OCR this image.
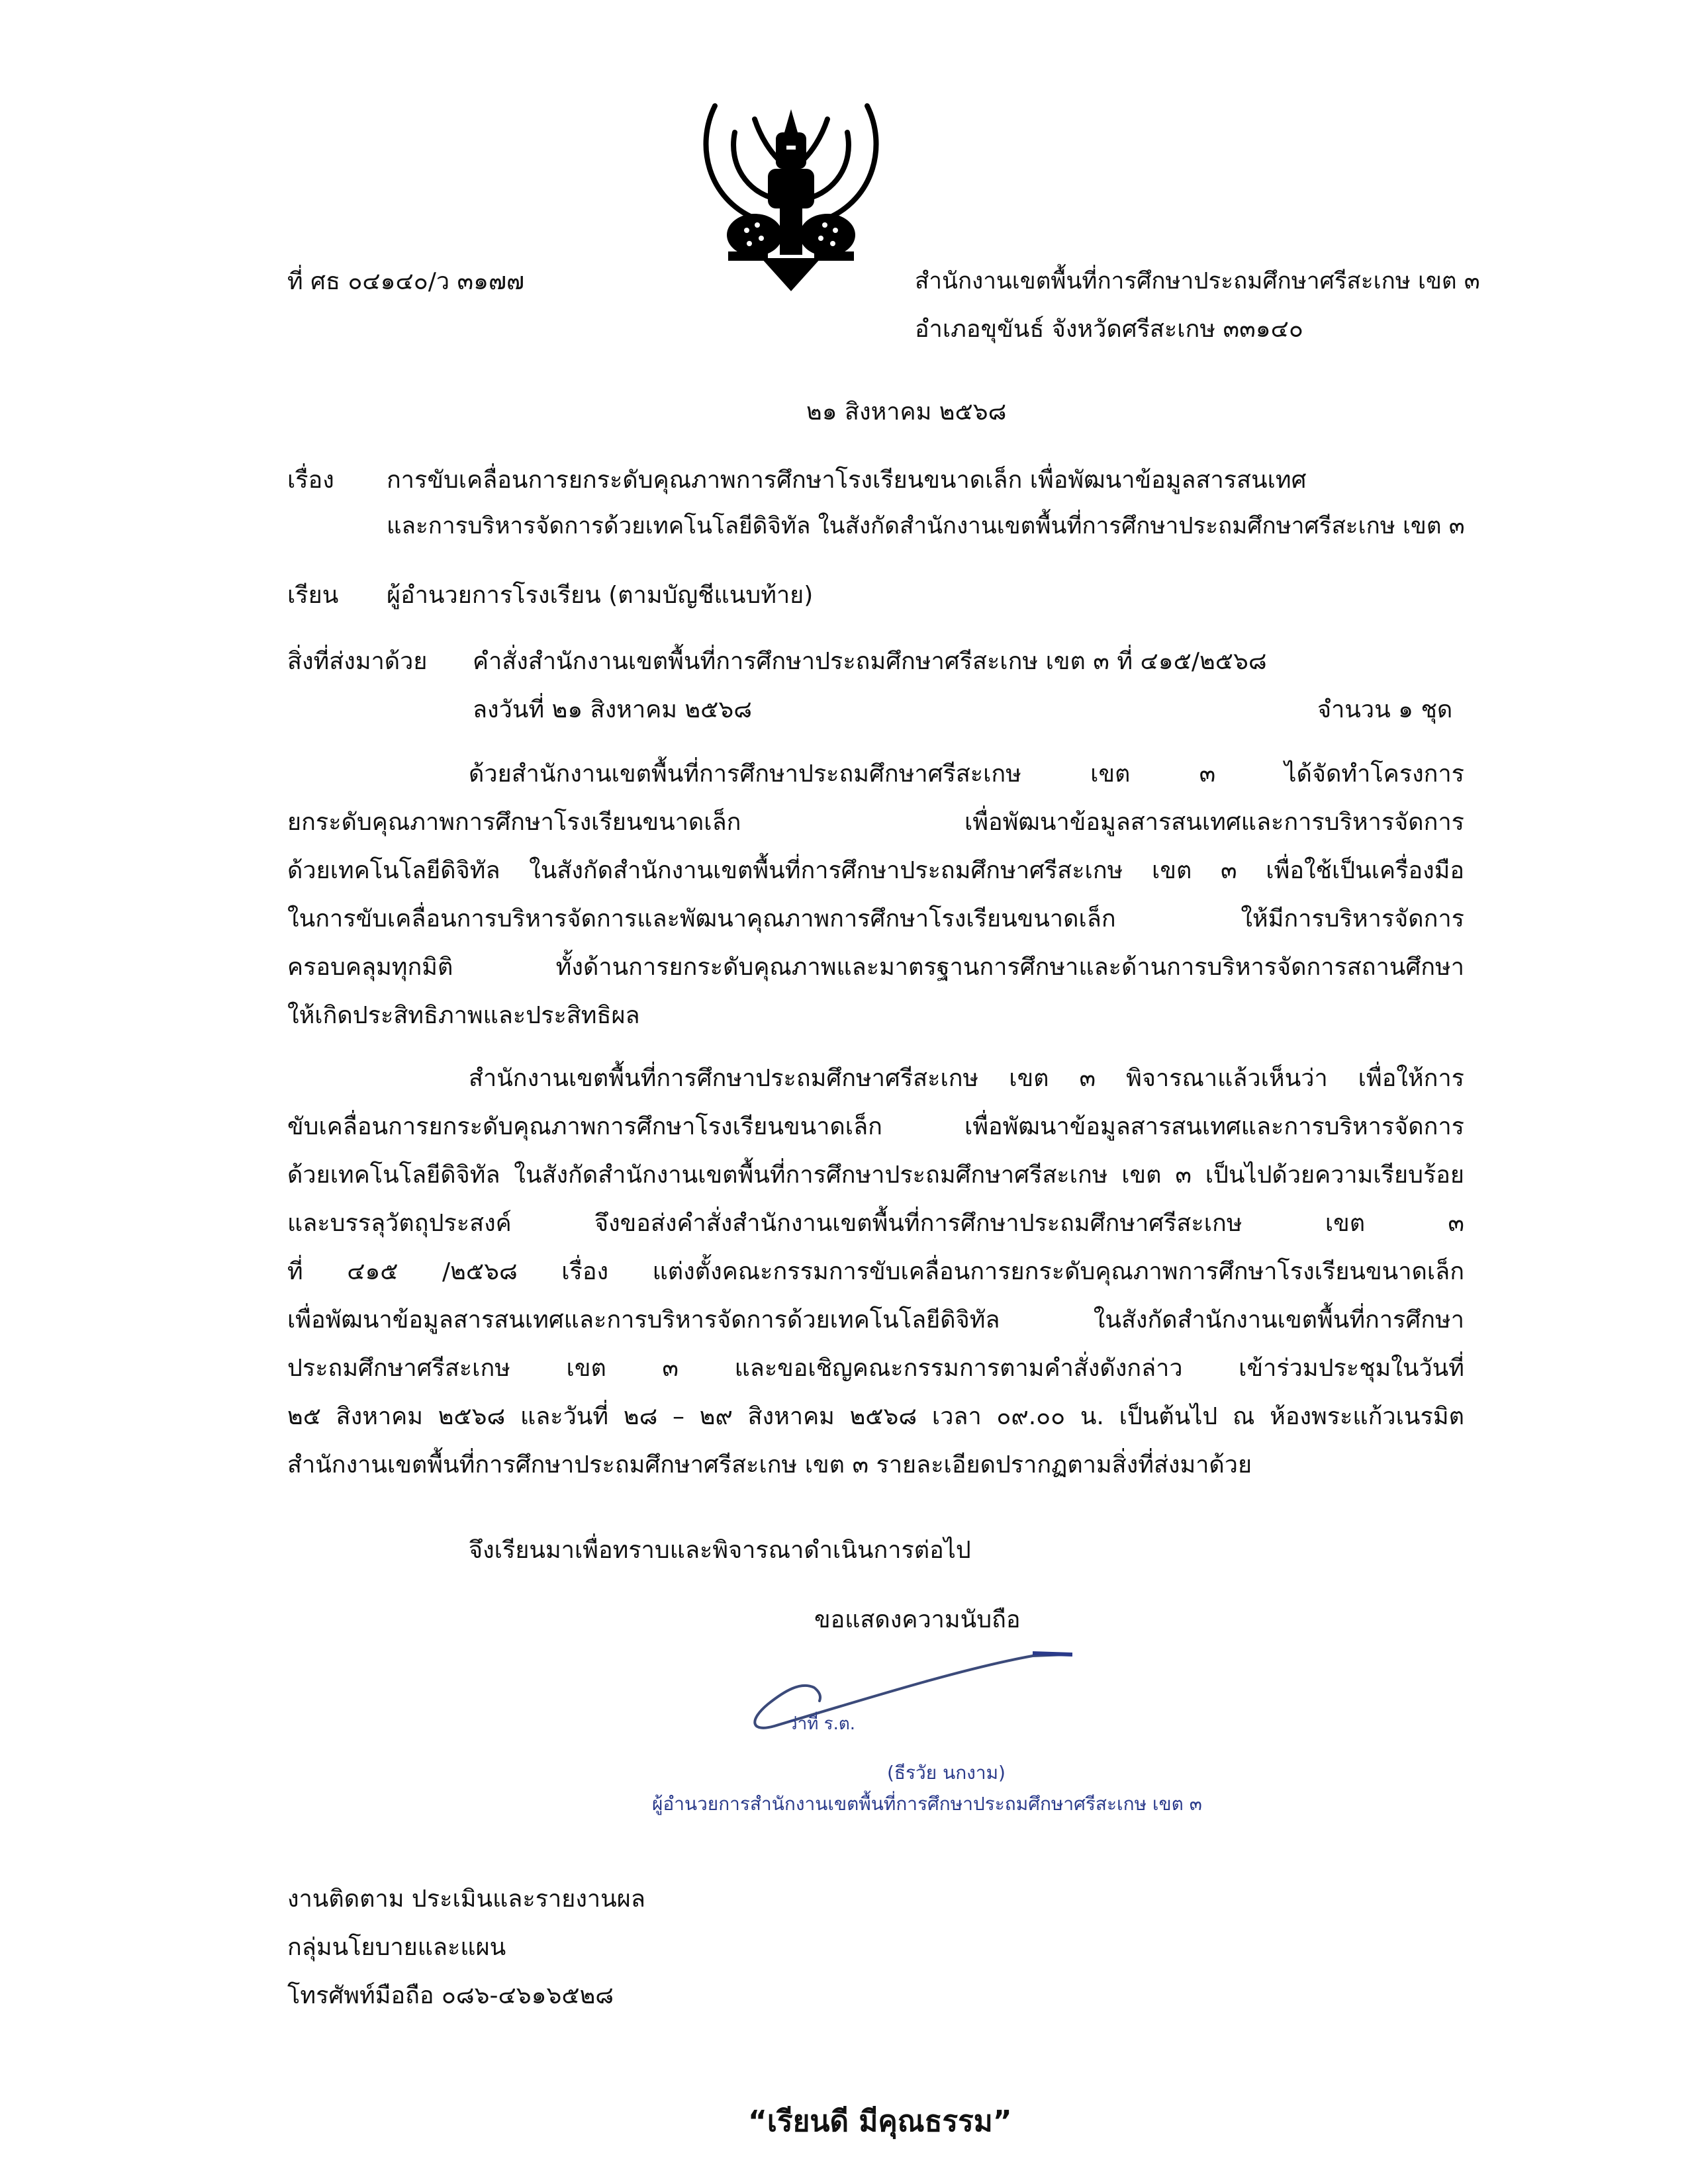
ที่ ศธ ๐๔๑๔๐/ว ๓๑๗๗	สำนักงานเขตพื้นที่การศึกษาประถมศึกษาศรีสะเกษ เขต ๓
อำเภอขุขันธ์ จังหวัดศรีสะเกษ ๓๓๑๔๐
๒๑ สิงหาคม ๒๕๖๘
เรื่อง การขับเคลื่อนการยกระดับคุณภาพการศึกษาโรงเรียนขนาดเล็ก เพื่อพัฒนาข้อมูลสารสนเทศ
และการบริหารจัดการด้วยเทคโนโลยีดิจิทัล ในสังกัดสำนักงานเขตพื้นที่การศึกษาประถมศึกษาศรีสะเกษ เขต ๓
เรียน ผู้อำนวยการโรงเรียน (ตามบัญชีแนบท้าย)
สิ่งที่ส่งมาด้วย คำสั่งสำนักงานเขตพื้นที่การศึกษาประถมศึกษาศรีสะเกษ เขต ๓ ที่ ๔๑๕/๒๕๖๘
ลงวันที่ ๒๑ สิงหาคม ๒๕๖๘	จำนวน ๑ ชุด
ด้วยสำนักงานเขตพื้นที่การศึกษาประถมศึกษาศรีสะเกษ เขต ๓ ได้จัดทำโครงการ
ยกระดับคุณภาพการศึกษาโรงเรียนขนาดเล็ก เพื่อพัฒนาข้อมูลสารสนเทศและการบริหารจัดการ
ด้วยเทคโนโลยีดิจิทัล ในสังกัดสำนักงานเขตพื้นที่การศึกษาประถมศึกษาศรีสะเกษ เขต ๓ เพื่อใช้เป็นเครื่องมือ
ในการขับเคลื่อนการบริหารจัดการและพัฒนาคุณภาพการศึกษาโรงเรียนขนาดเล็ก ให้มีการบริหารจัดการ
ครอบคลุมทุกมิติ ทั้งด้านการยกระดับคุณภาพและมาตรฐานการศึกษาและด้านการบริหารจัดการสถานศึกษา
ให้เกิดประสิทธิภาพและประสิทธิผล
สำนักงานเขตพื้นที่การศึกษาประถมศึกษาศรีสะเกษ เขต ๓ พิจารณาแล้วเห็นว่า เพื่อให้การ
ขับเคลื่อนการยกระดับคุณภาพการศึกษาโรงเรียนขนาดเล็ก เพื่อพัฒนาข้อมูลสารสนเทศและการบริหารจัดการ
ด้วยเทคโนโลยีดิจิทัล ในสังกัดสำนักงานเขตพื้นที่การศึกษาประถมศึกษาศรีสะเกษ เขต ๓ เป็นไปด้วยความเรียบร้อย
และบรรลุวัตถุประสงค์ จึงขอส่งคำสั่งสำนักงานเขตพื้นที่การศึกษาประถมศึกษาศรีสะเกษ เขต ๓
ที่ ๔๑๕ /๒๕๖๘ เรื่อง แต่งตั้งคณะกรรมการขับเคลื่อนการยกระดับคุณภาพการศึกษาโรงเรียนขนาดเล็ก
เพื่อพัฒนาข้อมูลสารสนเทศและการบริหารจัดการด้วยเทคโนโลยีดิจิทัล ในสังกัดสำนักงานเขตพื้นที่การศึกษา
ประถมศึกษาศรีสะเกษ เขต ๓ และขอเชิญคณะกรรมการตามคำสั่งดังกล่าว เข้าร่วมประชุมในวันที่
๒๕ สิงหาคม ๒๕๖๘ และวันที่ ๒๘ – ๒๙ สิงหาคม ๒๕๖๘ เวลา ๐๙.๐๐ น. เป็นต้นไป ณ ห้องพระแก้วเนรมิต
สำนักงานเขตพื้นที่การศึกษาประถมศึกษาศรีสะเกษ เขต ๓ รายละเอียดปรากฏตามสิ่งที่ส่งมาด้วย
จึงเรียนมาเพื่อทราบและพิจารณาดำเนินการต่อไป
ขอแสดงความนับถือ
ว่าที่ ร.ต.
(ธีรวัย นกงาม)
ผู้อำนวยการสำนักงานเขตพื้นที่การศึกษาประถมศึกษาศรีสะเกษ เขต ๓
งานติดตาม ประเมินและรายงานผล
กลุ่มนโยบายและแผน
โทรศัพท์มือถือ ๐๘๖-๔๖๑๖๕๒๘
“เรียนดี มีคุณธรรม”
